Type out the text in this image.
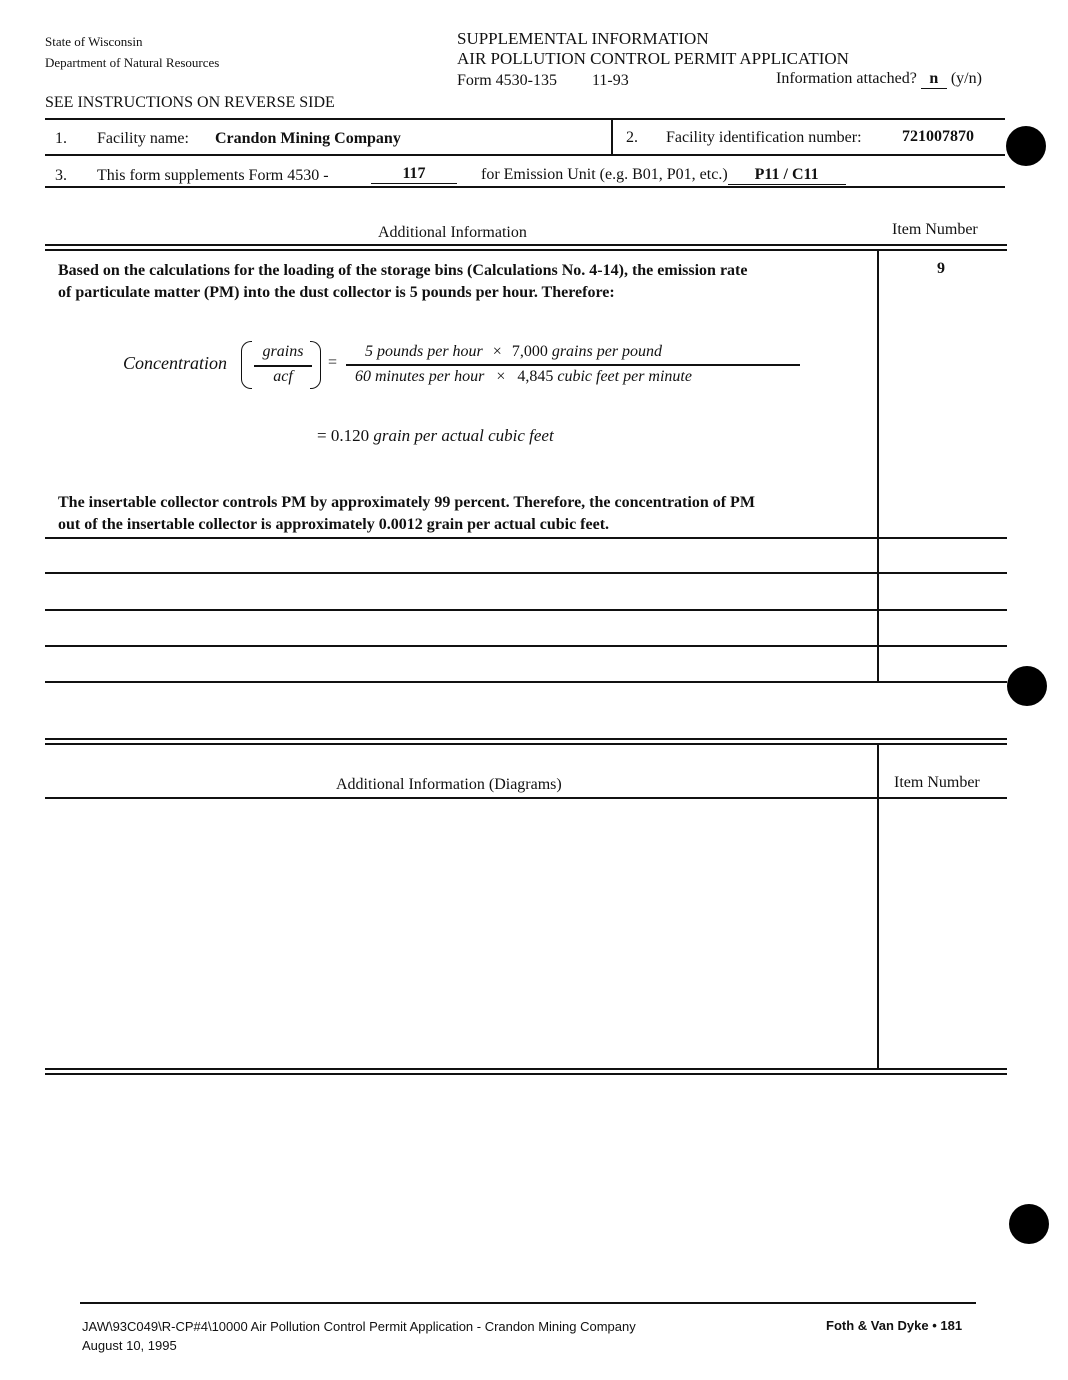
State of Wisconsin
Department of Natural Resources
SUPPLEMENTAL INFORMATION
AIR POLLUTION CONTROL PERMIT APPLICATION
Form 4530-135 11-93	Information attached? n (y/n)
SEE INSTRUCTIONS ON REVERSE SIDE
1. Facility name: Crandon Mining Company	2. Facility identification number:	721007870
3. This form supplements Form 4530 -	117	for Emission Unit (e.g. B01, P01, etc.) P11 / C11
Additional Information	Item Number
9
Based on the calculations for the loading of the storage bins (Calculations No. 4-14), the emission rate
of particulate matter (PM) into the dust collector is 5 pounds per hour. Therefore:
Concentration
grains
acf
=
5 pounds per hour × 7,000 grains per pound
60 minutes per hour × 4,845 cubic feet per minute
= 0.120 grain per actual cubic feet
The insertable collector controls PM by approximately 99 percent. Therefore, the concentration of PM
out of the insertable collector is approximately 0.0012 grain per actual cubic feet.
Additional Information (Diagrams)	Item Number
JAW\93C049\R-CP#4\10000 Air Pollution Control Permit Application - Crandon Mining Company
August 10, 1995
Foth & Van Dyke • 181
